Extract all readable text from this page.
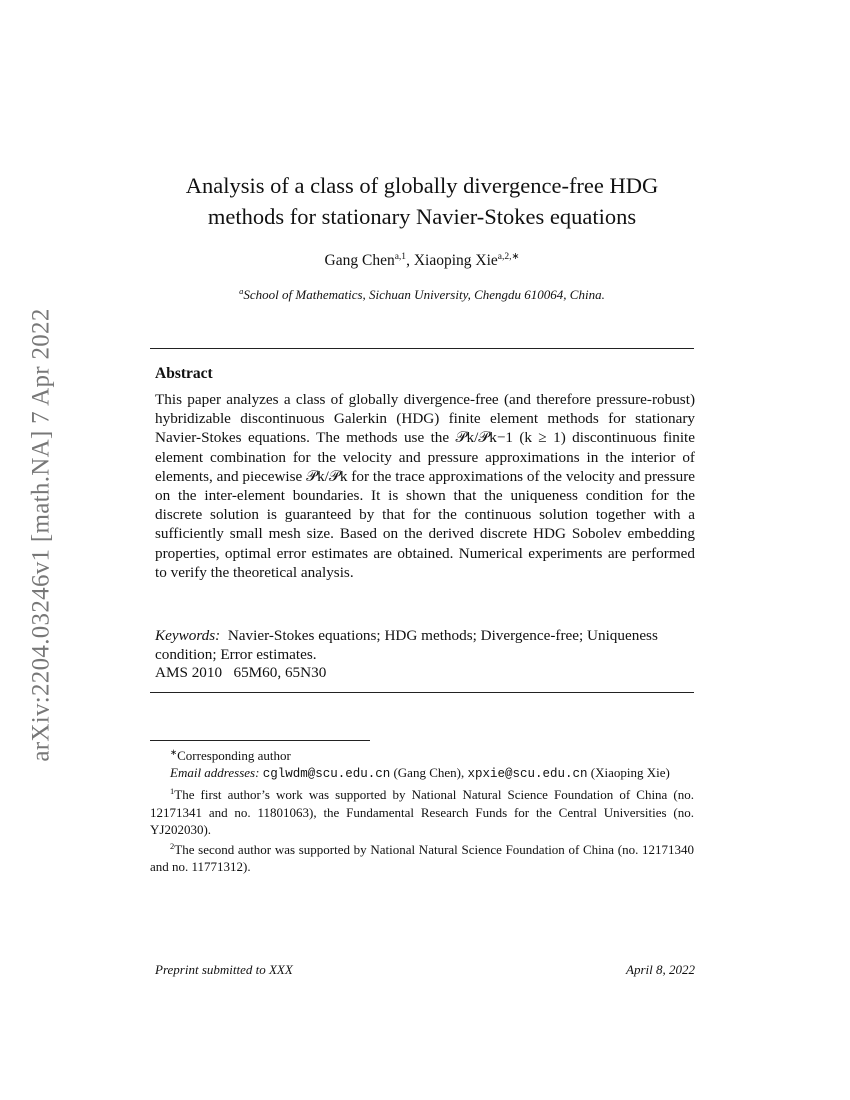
arXiv:2204.03246v1 [math.NA] 7 Apr 2022
Analysis of a class of globally divergence-free HDG methods for stationary Navier-Stokes equations
Gang Chen$^{a,1}$, Xiaoping Xie$^{a,2,∗}$
$^a$School of Mathematics, Sichuan University, Chengdu 610064, China.
Abstract

This paper analyzes a class of globally divergence-free (and therefore pressure-robust) hybridizable discontinuous Galerkin (HDG) finite element methods for stationary Navier-Stokes equations. The methods use the 𝒫k/𝒫k−1 (k ≥ 1) discontinuous finite element combination for the velocity and pressure approximations in the interior of elements, and piecewise 𝒫k/𝒫k for the trace approximations of the velocity and pressure on the inter-element boundaries. It is shown that the uniqueness condition for the discrete solution is guaranteed by that for the continuous solution together with a sufficiently small mesh size. Based on the derived discrete HDG Sobolev embedding properties, optimal error estimates are obtained. Numerical experiments are performed to verify the theoretical analysis.

Keywords: Navier-Stokes equations; HDG methods; Divergence-free; Uniqueness condition; Error estimates.

AMS 2010   65M60, 65N30

∗Corresponding author

Email addresses: cglwdm@scu.edu.cn (Gang Chen), xpxie@scu.edu.cn (Xiaoping Xie)

$^1$The first author’s work was supported by National Natural Science Foundation of China (no. 12171341 and no. 11801063), the Fundamental Research Funds for the Central Universities (no. YJ202030).

$^2$The second author was supported by National Natural Science Foundation of China (no. 12171340 and no. 11771312).

Preprint submitted to XXX	April 8, 2022
